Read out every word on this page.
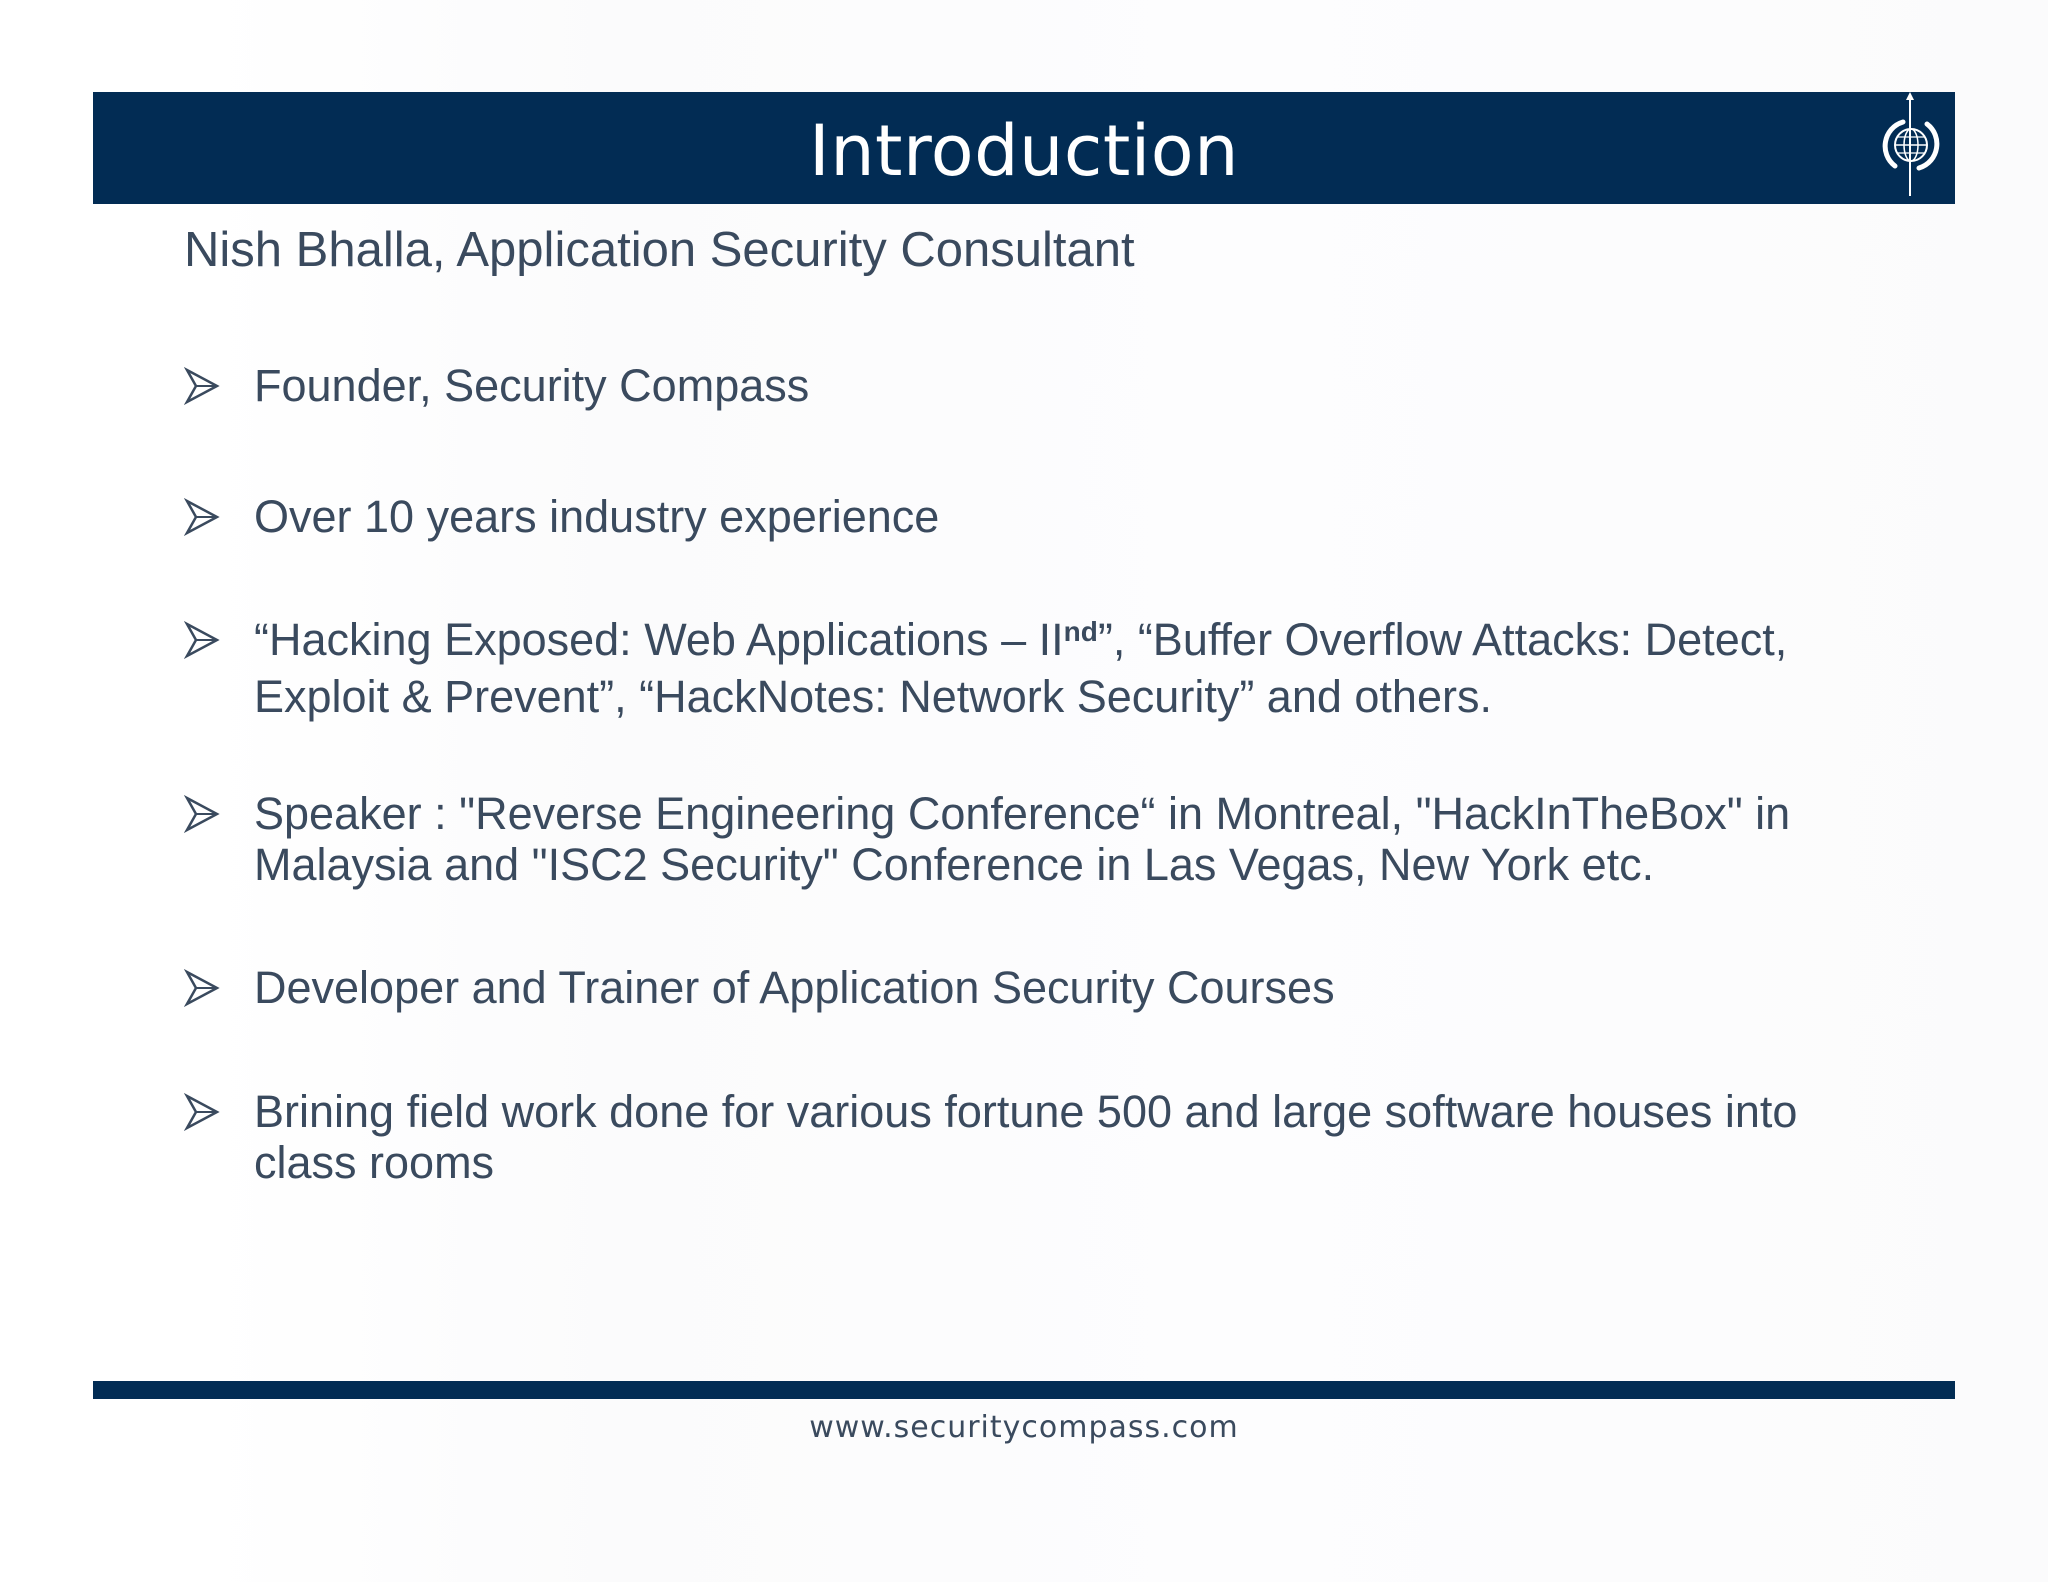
Introduction
Nish Bhalla, Application Security Consultant
Founder, Security Compass
Over 10 years industry experience
“Hacking Exposed: Web Applications – IInd”, “Buffer Overflow Attacks: Detect, Exploit & Prevent”, “HackNotes: Network Security” and others.
Speaker : "Reverse Engineering Conference“ in Montreal, "HackInTheBox" in Malaysia and "ISC2 Security" Conference in Las Vegas, New York etc.
Developer and Trainer of Application Security Courses
Brining field work done for various fortune 500 and large software houses into class rooms
www.securitycompass.com
